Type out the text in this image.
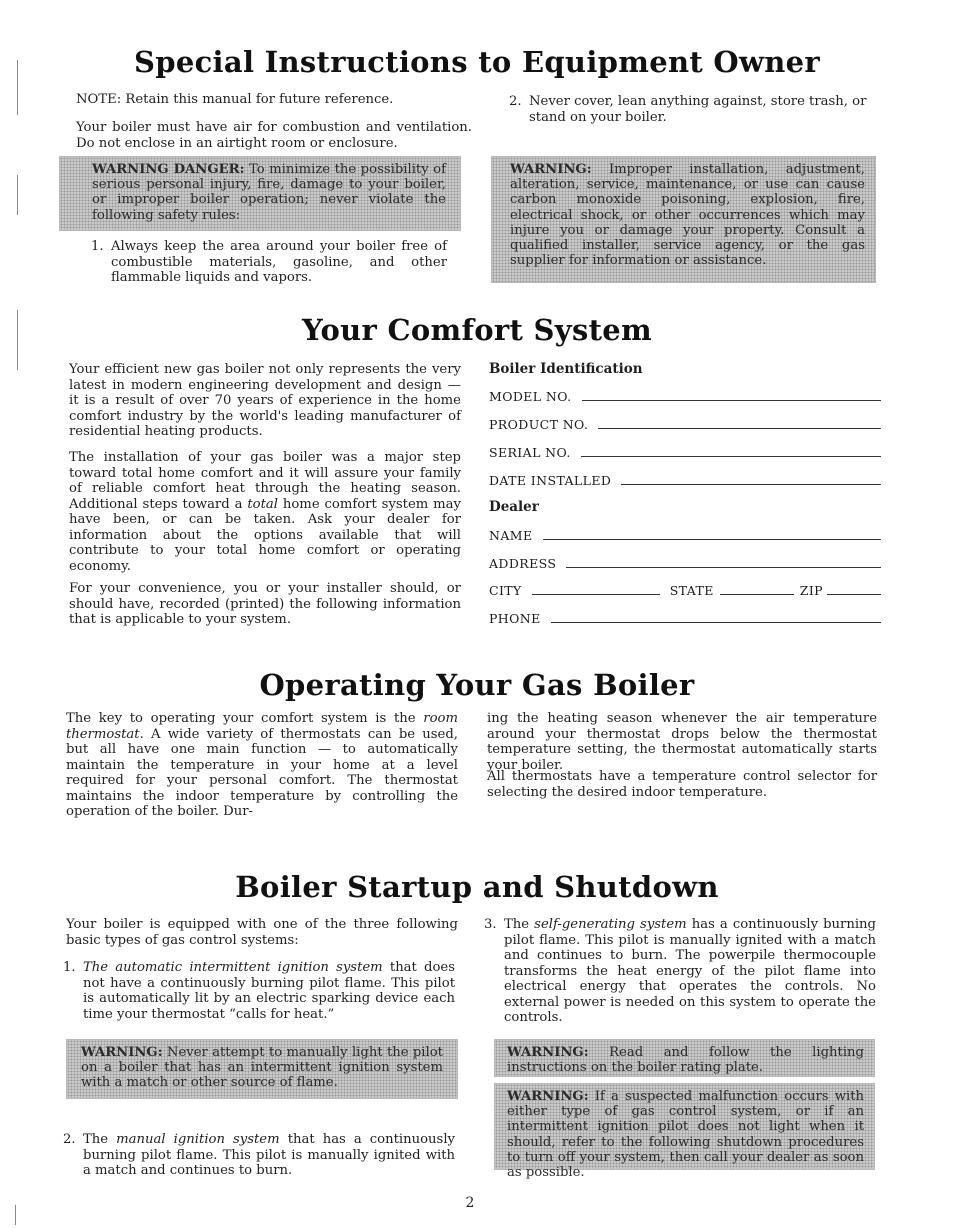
Special Instructions to Equipment Owner

NOTE: Retain this manual for future reference.

Your boiler must have air for combustion and ventilation. Do not enclose in an airtight room or enclosure.

WARNING DANGER: To minimize the possibility of serious personal injury, fire, damage to your boiler, or improper boiler operation; never violate the following safety rules:
1. Always keep the area around your boiler free of combustible materials, gasoline, and other flammable liquids and vapors.
2. Never cover, lean anything against, store trash, or stand on your boiler.
WARNING: Improper installation, adjustment, alteration, service, maintenance, or use can cause carbon monoxide poisoning, explosion, fire, electrical shock, or other occurrences which may injure you or damage your property. Consult a qualified installer, service agency, or the gas supplier for information or assistance.
Your Comfort System

Your efficient new gas boiler not only represents the very latest in modern engineering development and design — it is a result of over 70 years of experience in the home comfort industry by the world's leading manufacturer of residential heating products.

The installation of your gas boiler was a major step toward total home comfort and it will assure your family of reliable comfort heat through the heating season. Additional steps toward a total home comfort system may have been, or can be taken. Ask your dealer for information about the options available that will contribute to your total home comfort or operating economy.

For your convenience, you or your installer should, or should have, recorded (printed) the following information that is applicable to your system.

Boiler Identification
MODEL NO.
PRODUCT NO.
SERIAL NO.
DATE INSTALLED
Dealer
NAME
ADDRESS
CITY	STATE	ZIP
PHONE
Operating Your Gas Boiler

The key to operating your comfort system is the room thermostat. A wide variety of thermostats can be used, but all have one main function — to automatically maintain the temperature in your home at a level required for your personal comfort. The thermostat maintains the indoor temperature by controlling the operation of the boiler. Dur-

ing the heating season whenever the air temperature around your thermostat drops below the thermostat temperature setting, the thermostat automatically starts your boiler.

All thermostats have a temperature control selector for selecting the desired indoor temperature.

Boiler Startup and Shutdown

Your boiler is equipped with one of the three following basic types of gas control systems:

1. The automatic intermittent ignition system that does not have a continuously burning pilot flame. This pilot is automatically lit by an electric sparking device each time your thermostat “calls for heat.”
WARNING: Never attempt to manually light the pilot on a boiler that has an intermittent ignition system with a match or other source of flame.
2. The manual ignition system that has a continuously burning pilot flame. This pilot is manually ignited with a match and continues to burn.
3. The self-generating system has a continuously burning pilot flame. This pilot is manually ignited with a match and continues to burn. The powerpile thermocouple transforms the heat energy of the pilot flame into electrical energy that operates the controls. No external power is needed on this system to operate the controls.
WARNING: Read and follow the lighting instructions on the boiler rating plate.
WARNING: If a suspected malfunction occurs with either type of gas control system, or if an intermittent ignition pilot does not light when it should, refer to the following shutdown procedures to turn off your system, then call your dealer as soon as possible.
2
